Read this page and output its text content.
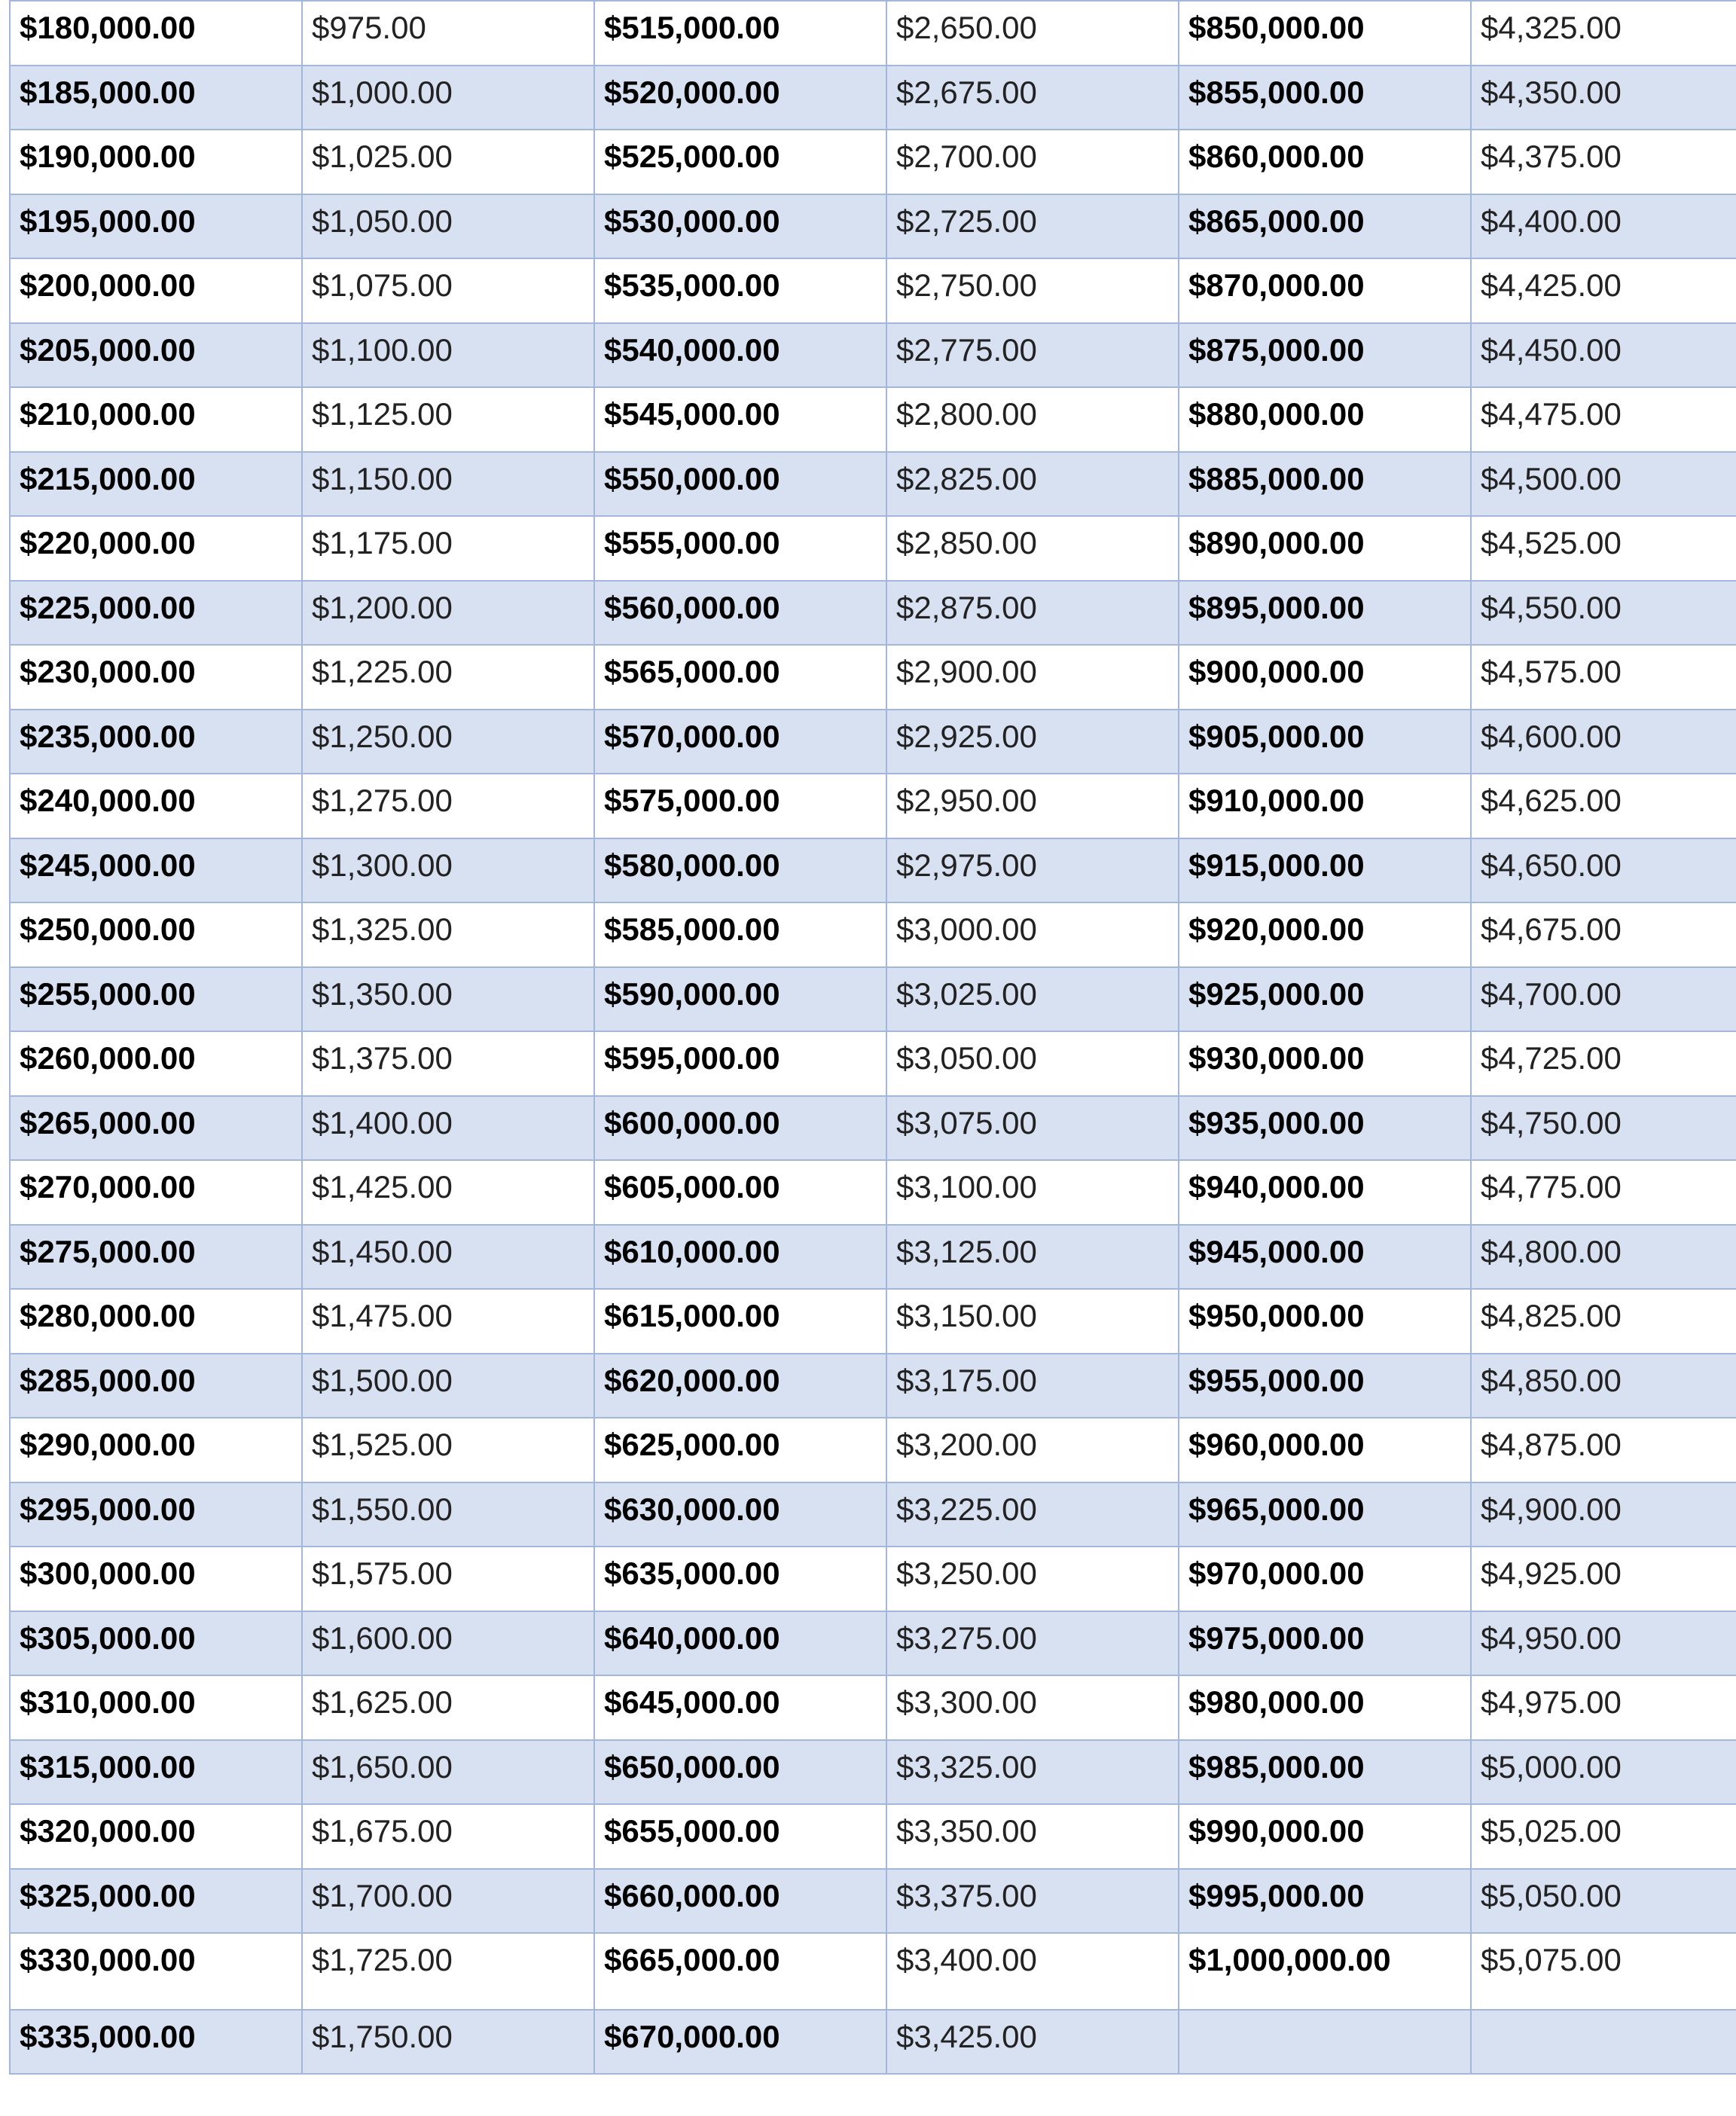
$180,000.00	$975.00	$515,000.00	$2,650.00	$850,000.00	$4,325.00

$185,000.00	$1,000.00	$520,000.00	$2,675.00	$855,000.00	$4,350.00

$190,000.00	$1,025.00	$525,000.00	$2,700.00	$860,000.00	$4,375.00

$195,000.00	$1,050.00	$530,000.00	$2,725.00	$865,000.00	$4,400.00

$200,000.00	$1,075.00	$535,000.00	$2,750.00	$870,000.00	$4,425.00

$205,000.00	$1,100.00	$540,000.00	$2,775.00	$875,000.00	$4,450.00

$210,000.00	$1,125.00	$545,000.00	$2,800.00	$880,000.00	$4,475.00

$215,000.00	$1,150.00	$550,000.00	$2,825.00	$885,000.00	$4,500.00

$220,000.00	$1,175.00	$555,000.00	$2,850.00	$890,000.00	$4,525.00

$225,000.00	$1,200.00	$560,000.00	$2,875.00	$895,000.00	$4,550.00

$230,000.00	$1,225.00	$565,000.00	$2,900.00	$900,000.00	$4,575.00

$235,000.00	$1,250.00	$570,000.00	$2,925.00	$905,000.00	$4,600.00

$240,000.00	$1,275.00	$575,000.00	$2,950.00	$910,000.00	$4,625.00

$245,000.00	$1,300.00	$580,000.00	$2,975.00	$915,000.00	$4,650.00

$250,000.00	$1,325.00	$585,000.00	$3,000.00	$920,000.00	$4,675.00

$255,000.00	$1,350.00	$590,000.00	$3,025.00	$925,000.00	$4,700.00

$260,000.00	$1,375.00	$595,000.00	$3,050.00	$930,000.00	$4,725.00

$265,000.00	$1,400.00	$600,000.00	$3,075.00	$935,000.00	$4,750.00

$270,000.00	$1,425.00	$605,000.00	$3,100.00	$940,000.00	$4,775.00

$275,000.00	$1,450.00	$610,000.00	$3,125.00	$945,000.00	$4,800.00

$280,000.00	$1,475.00	$615,000.00	$3,150.00	$950,000.00	$4,825.00

$285,000.00	$1,500.00	$620,000.00	$3,175.00	$955,000.00	$4,850.00

$290,000.00	$1,525.00	$625,000.00	$3,200.00	$960,000.00	$4,875.00

$295,000.00	$1,550.00	$630,000.00	$3,225.00	$965,000.00	$4,900.00

$300,000.00	$1,575.00	$635,000.00	$3,250.00	$970,000.00	$4,925.00

$305,000.00	$1,600.00	$640,000.00	$3,275.00	$975,000.00	$4,950.00

$310,000.00	$1,625.00	$645,000.00	$3,300.00	$980,000.00	$4,975.00

$315,000.00	$1,650.00	$650,000.00	$3,325.00	$985,000.00	$5,000.00

$320,000.00	$1,675.00	$655,000.00	$3,350.00	$990,000.00	$5,025.00

$325,000.00	$1,700.00	$660,000.00	$3,375.00	$995,000.00	$5,050.00

$330,000.00	$1,725.00	$665,000.00	$3,400.00	$1,000,000.00	$5,075.00

$335,000.00	$1,750.00	$670,000.00	$3,425.00		
